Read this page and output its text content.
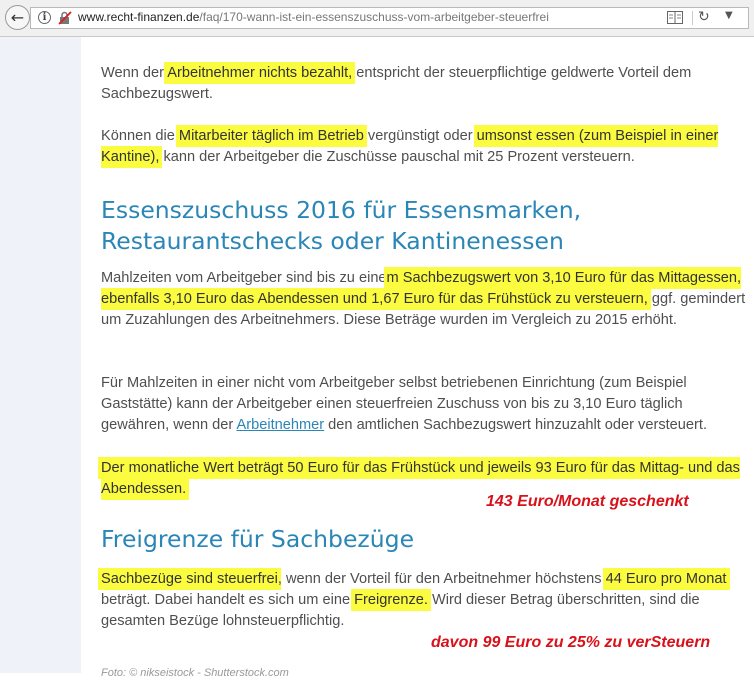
←	i	www.recht-finanzen.de/faq/170-wann-ist-ein-essenszuschuss-vom-arbeitgeber-steuerfrei	↻ ▼

Wenn der Arbeitnehmer nichts bezahlt, entspricht der steuerpflichtige geldwerte Vorteil dem Sachbezugswert.

Können die Mitarbeiter täglich im Betrieb vergünstigt oder umsonst essen (zum Beispiel in einer Kantine), kann der Arbeitgeber die Zuschüsse pauschal mit 25 Prozent versteuern.

Essenszuschuss 2016 für Essensmarken, Restaurantschecks oder Kantinenessen

Mahlzeiten vom Arbeitgeber sind bis zu einem Sachbezugswert von 3,10 Euro für das Mittagessen, ebenfalls 3,10 Euro das Abendessen und 1,67 Euro für das Frühstück zu versteuern, ggf. gemindert um Zuzahlungen des Arbeitnehmers. Diese Beträge wurden im Vergleich zu 2015 erhöht.

Für Mahlzeiten in einer nicht vom Arbeitgeber selbst betriebenen Einrichtung (zum Beispiel Gaststätte) kann der Arbeitgeber einen steuerfreien Zuschuss von bis zu 3,10 Euro täglich gewähren, wenn der Arbeitnehmer den amtlichen Sachbezugswert hinzuzahlt oder versteuert.

Der monatliche Wert beträgt 50 Euro für das Frühstück und jeweils 93 Euro für das Mittag- und das Abendessen.

Freigrenze für Sachbezüge

Sachbezüge sind steuerfrei, wenn der Vorteil für den Arbeitnehmer höchstens 44 Euro pro Monat beträgt. Dabei handelt es sich um eine Freigrenze. Wird dieser Betrag überschritten, sind die gesamten Bezüge lohnsteuerpflichtig.

Foto: © nikseistock - Shutterstock.com
143 Euro/Monat geschenkt
davon 99 Euro zu 25% zu verSteuern
